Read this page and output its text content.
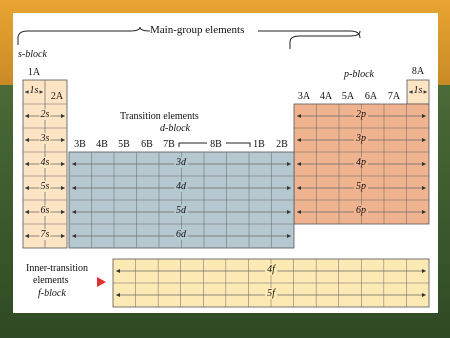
Main-group elements
s-block
p-block
Transition elements
d-block
Inner-transition
elements
f-block
1A
2A	3A 4A 5A 6A 7A
8A
3B 4B 5B 6B 7B	8B	1B 2B
1s
2s
3s
4s
5s
6s
7s
1s
2p
3p
4p
5p
6p
3d
4d
5d
6d
4f
5f
